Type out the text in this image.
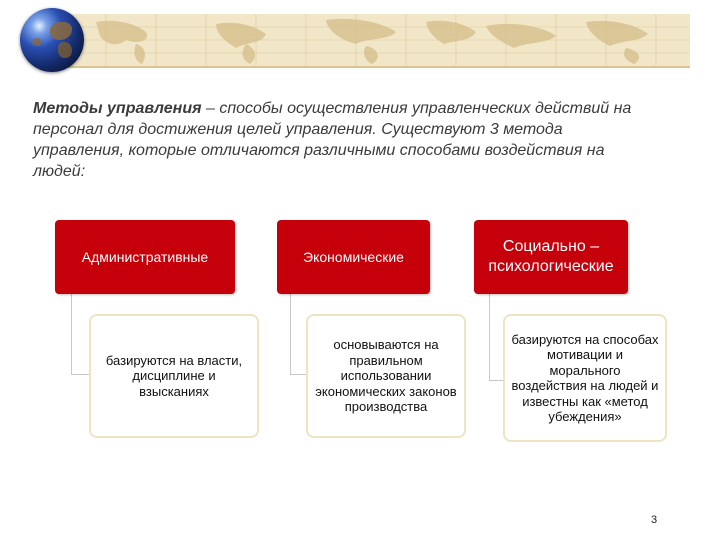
Методы управления – способы осуществления управленческих действий на персонал для достижения целей управления. Существуют 3 метода управления, которые отличаются различными способами воздействия на людей:

Административные
базируются на власти, дисциплине и взысканиях
Экономические
основываются на правильном использовании экономических законов производства
Социально – психологические
базируются на способах мотивации и морального воздействия на людей и известны как «метод убеждения»
3
